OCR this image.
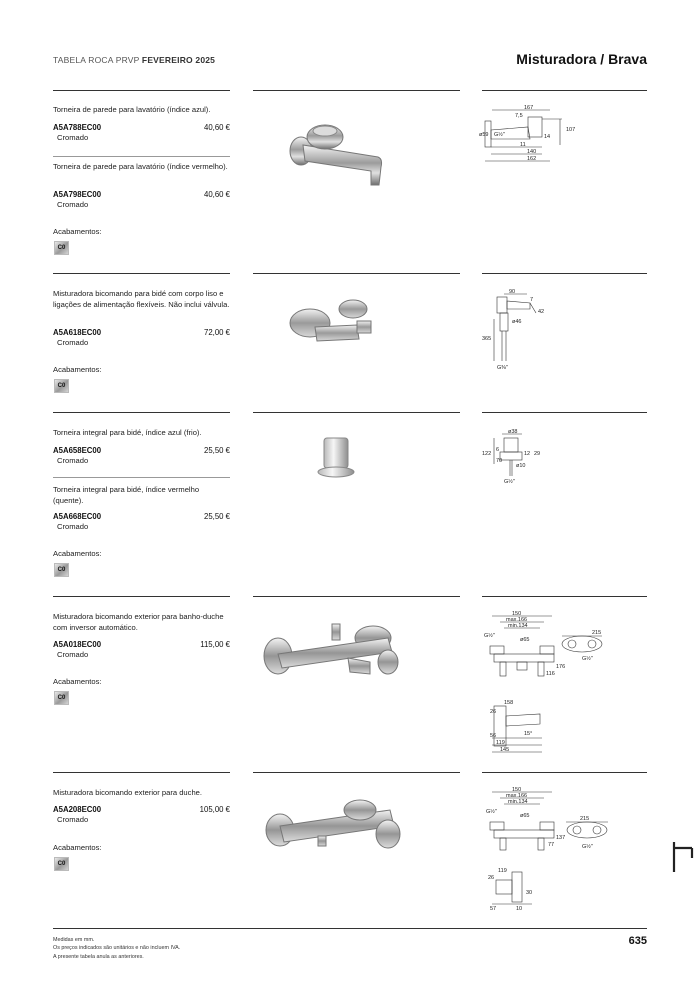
TABELA ROCA PRVP FEVEREIRO 2025	Misturadora / Brava
Torneira de parede para lavatório (índice azul).
A5A788EC00	40,60 €
Cromado
Torneira de parede para lavatório (índice vermelho).
A5A798EC00	40,60 €
Cromado
Acabamentos:
C0
167
7,5
107
ø59 G½"	14
11
140
162
Misturadora bicomando para bidé com corpo liso e ligações de alimentação flexíveis. Não inclui válvula.
A5A618EC00	72,00 €
Cromado
Acabamentos:
C0
90
7
42
ø46
365
G⅜"
Torneira integral para bidé, índice azul (frio).
A5A658EC00	25,50 €
Cromado
Torneira integral para bidé, índice vermelho (quente).
A5A668EC00	25,50 €
Cromado
Acabamentos:
C0
ø38
122
6
70
12 29
ø10
G½"
Misturadora bicomando exterior para banho-duche com inversor automático.
A5A018EC00	115,00 €
Cromado
Acabamentos:
C0
150
max.166
min.134
G½"
ø65
176
116
215
G½"
158
26
15°
56
119
145
Misturadora bicomando exterior para duche.
A5A208EC00	105,00 €
Cromado
Acabamentos:
C0
150
max.166
min.134
G½"
ø65
137
77
215
G½"
119
26
30
57	10
Medidas em mm.
Os preços indicados são unitários e não incluem IVA.
A presente tabela anula as anteriores.
635
